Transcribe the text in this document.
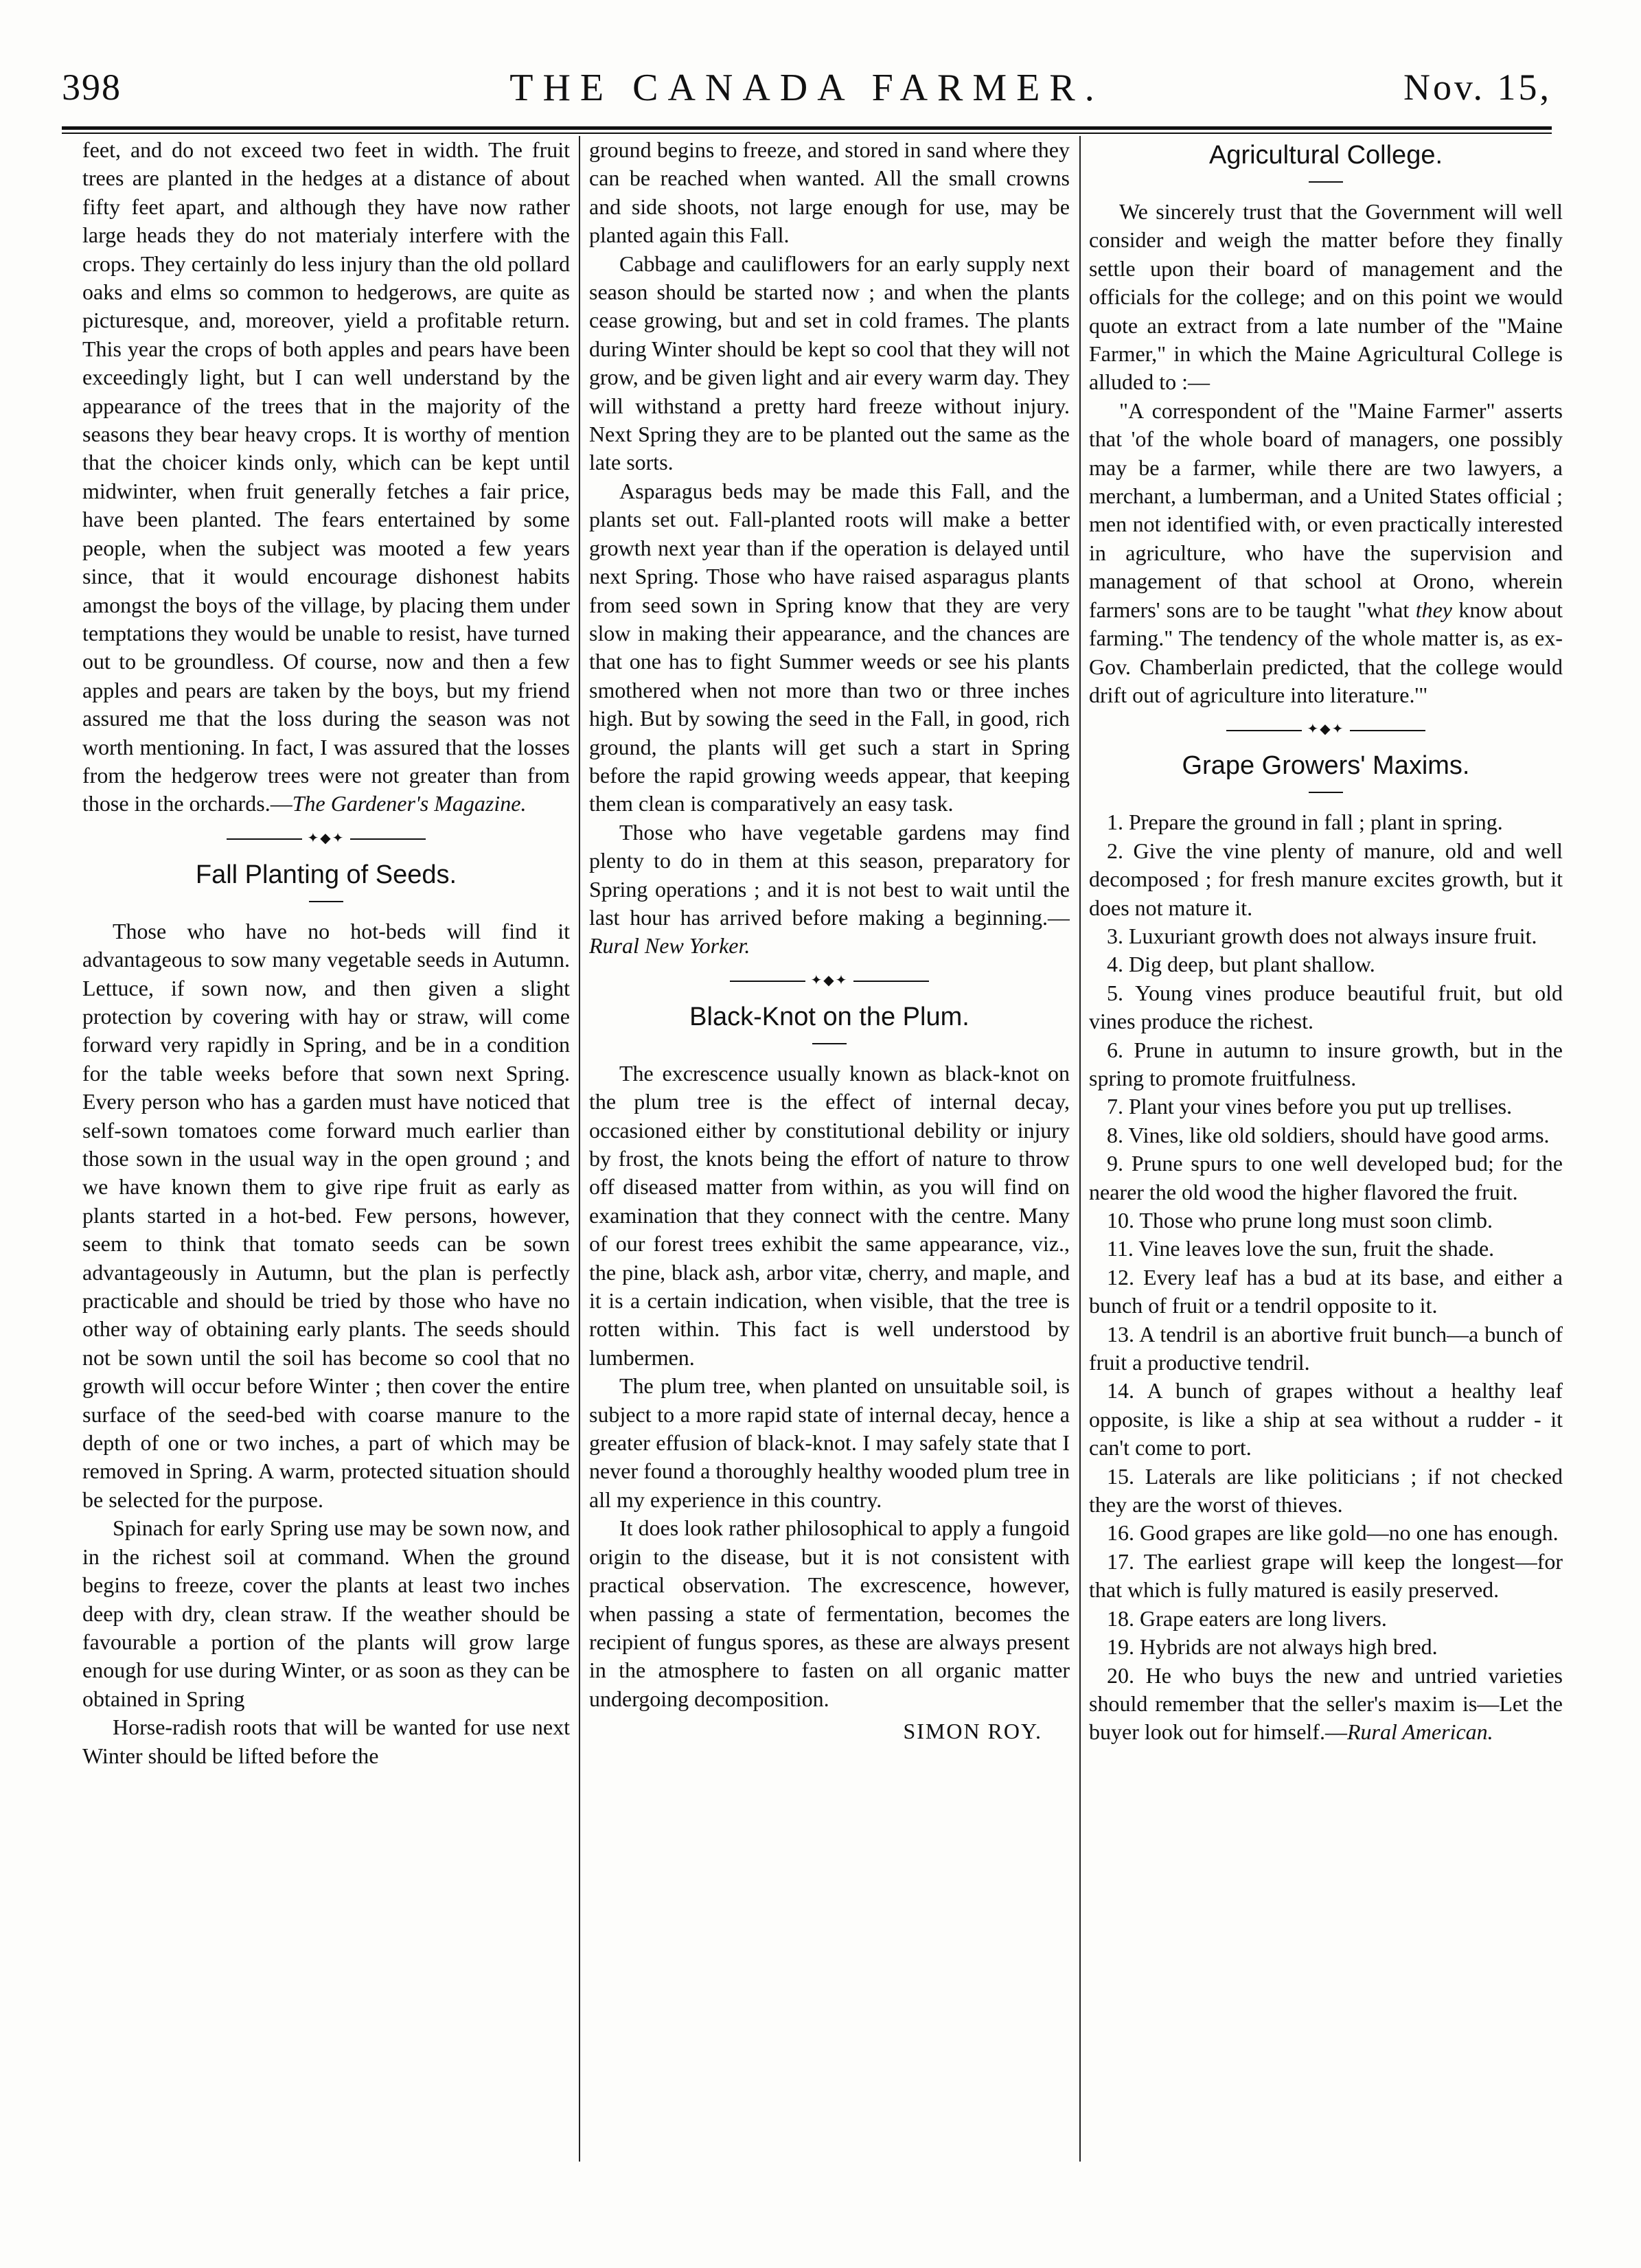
398	THE CANADA FARMER.	Nov. 15,

feet, and do not exceed two feet in width. The fruit trees are planted in the hedges at a distance of about fifty feet apart, and although they have now rather large heads they do not materialy interfere with the crops. They certainly do less injury than the old pollard oaks and elms so common to hedgerows, are quite as picturesque, and, moreover, yield a profitable return. This year the crops of both apples and pears have been exceedingly light, but I can well understand by the appearance of the trees that in the majority of the seasons they bear heavy crops. It is worthy of mention that the choicer kinds only, which can be kept until midwinter, when fruit generally fetches a fair price, have been planted. The fears entertained by some people, when the subject was mooted a few years since, that it would encourage dishonest habits amongst the boys of the village, by placing them under temptations they would be unable to resist, have turned out to be groundless. Of course, now and then a few apples and pears are taken by the boys, but my friend assured me that the loss during the season was not worth mentioning. In fact, I was assured that the losses from the hedgerow trees were not greater than from those in the orchards.—The Gardener's Magazine.

✦◆✦
Fall Planting of Seeds.

Those who have no hot-beds will find it advantageous to sow many vegetable seeds in Autumn. Lettuce, if sown now, and then given a slight protection by covering with hay or straw, will come forward very rapidly in Spring, and be in a condition for the table weeks before that sown next Spring. Every person who has a garden must have noticed that self-sown tomatoes come forward much earlier than those sown in the usual way in the open ground ; and we have known them to give ripe fruit as early as plants started in a hot-bed. Few persons, however, seem to think that tomato seeds can be sown advantageously in Autumn, but the plan is perfectly practicable and should be tried by those who have no other way of obtaining early plants. The seeds should not be sown until the soil has become so cool that no growth will occur before Winter ; then cover the entire surface of the seed-bed with coarse manure to the depth of one or two inches, a part of which may be removed in Spring. A warm, protected situation should be selected for the purpose.

Spinach for early Spring use may be sown now, and in the richest soil at command. When the ground begins to freeze, cover the plants at least two inches deep with dry, clean straw. If the weather should be favourable a portion of the plants will grow large enough for use during Winter, or as soon as they can be obtained in Spring

Horse-radish roots that will be wanted for use next Winter should be lifted before the

ground begins to freeze, and stored in sand where they can be reached when wanted. All the small crowns and side shoots, not large enough for use, may be planted again this Fall.

Cabbage and cauliflowers for an early supply next season should be started now ; and when the plants cease growing, but and set in cold frames. The plants during Winter should be kept so cool that they will not grow, and be given light and air every warm day. They will withstand a pretty hard freeze without injury. Next Spring they are to be planted out the same as the late sorts.

Asparagus beds may be made this Fall, and the plants set out. Fall-planted roots will make a better growth next year than if the operation is delayed until next Spring. Those who have raised asparagus plants from seed sown in Spring know that they are very slow in making their appearance, and the chances are that one has to fight Summer weeds or see his plants smothered when not more than two or three inches high. But by sowing the seed in the Fall, in good, rich ground, the plants will get such a start in Spring before the rapid growing weeds appear, that keeping them clean is comparatively an easy task.

Those who have vegetable gardens may find plenty to do in them at this season, preparatory for Spring operations ; and it is not best to wait until the last hour has arrived before making a beginning.—Rural New Yorker.

✦◆✦
Black-Knot on the Plum.

The excrescence usually known as black-knot on the plum tree is the effect of internal decay, occasioned either by constitutional debility or injury by frost, the knots being the effort of nature to throw off diseased matter from within, as you will find on examination that they connect with the centre. Many of our forest trees exhibit the same appearance, viz., the pine, black ash, arbor vitæ, cherry, and maple, and it is a certain indication, when visible, that the tree is rotten within. This fact is well understood by lumbermen.

The plum tree, when planted on unsuitable soil, is subject to a more rapid state of internal decay, hence a greater effusion of black-knot. I may safely state that I never found a thoroughly healthy wooded plum tree in all my experience in this country.

It does look rather philosophical to apply a fungoid origin to the disease, but it is not consistent with practical observation. The excrescence, however, when passing a state of fermentation, becomes the recipient of fungus spores, as these are always present in the atmosphere to fasten on all organic matter undergoing decomposition.

SIMON ROY.
Agricultural College.

We sincerely trust that the Government will well consider and weigh the matter before they finally settle upon their board of management and the officials for the college; and on this point we would quote an extract from a late number of the "Maine Farmer," in which the Maine Agricultural College is alluded to :—

"A correspondent of the "Maine Farmer" asserts that 'of the whole board of managers, one possibly may be a farmer, while there are two lawyers, a merchant, a lumberman, and a United States official ; men not identified with, or even practically interested in agriculture, who have the supervision and management of that school at Orono, wherein farmers' sons are to be taught "what they know about farming." The tendency of the whole matter is, as ex-Gov. Chamberlain predicted, that the college would drift out of agriculture into literature.'"

✦◆✦
Grape Growers' Maxims.
1. Prepare the ground in fall ; plant in spring.
2. Give the vine plenty of manure, old and well decomposed ; for fresh manure excites growth, but it does not mature it.
3. Luxuriant growth does not always insure fruit.
4. Dig deep, but plant shallow.
5. Young vines produce beautiful fruit, but old vines produce the richest.
6. Prune in autumn to insure growth, but in the spring to promote fruitfulness.
7. Plant your vines before you put up trellises.
8. Vines, like old soldiers, should have good arms.
9. Prune spurs to one well developed bud; for the nearer the old wood the higher flavored the fruit.
10. Those who prune long must soon climb.
11. Vine leaves love the sun, fruit the shade.
12. Every leaf has a bud at its base, and either a bunch of fruit or a tendril opposite to it.
13. A tendril is an abortive fruit bunch—a bunch of fruit a productive tendril.
14. A bunch of grapes without a healthy leaf opposite, is like a ship at sea without a rudder - it can't come to port.
15. Laterals are like politicians ; if not checked they are the worst of thieves.
16. Good grapes are like gold—no one has enough.
17. The earliest grape will keep the longest—for that which is fully matured is easily preserved.
18. Grape eaters are long livers.
19. Hybrids are not always high bred.
20. He who buys the new and untried varieties should remember that the seller's maxim is—Let the buyer look out for himself.—Rural American.
